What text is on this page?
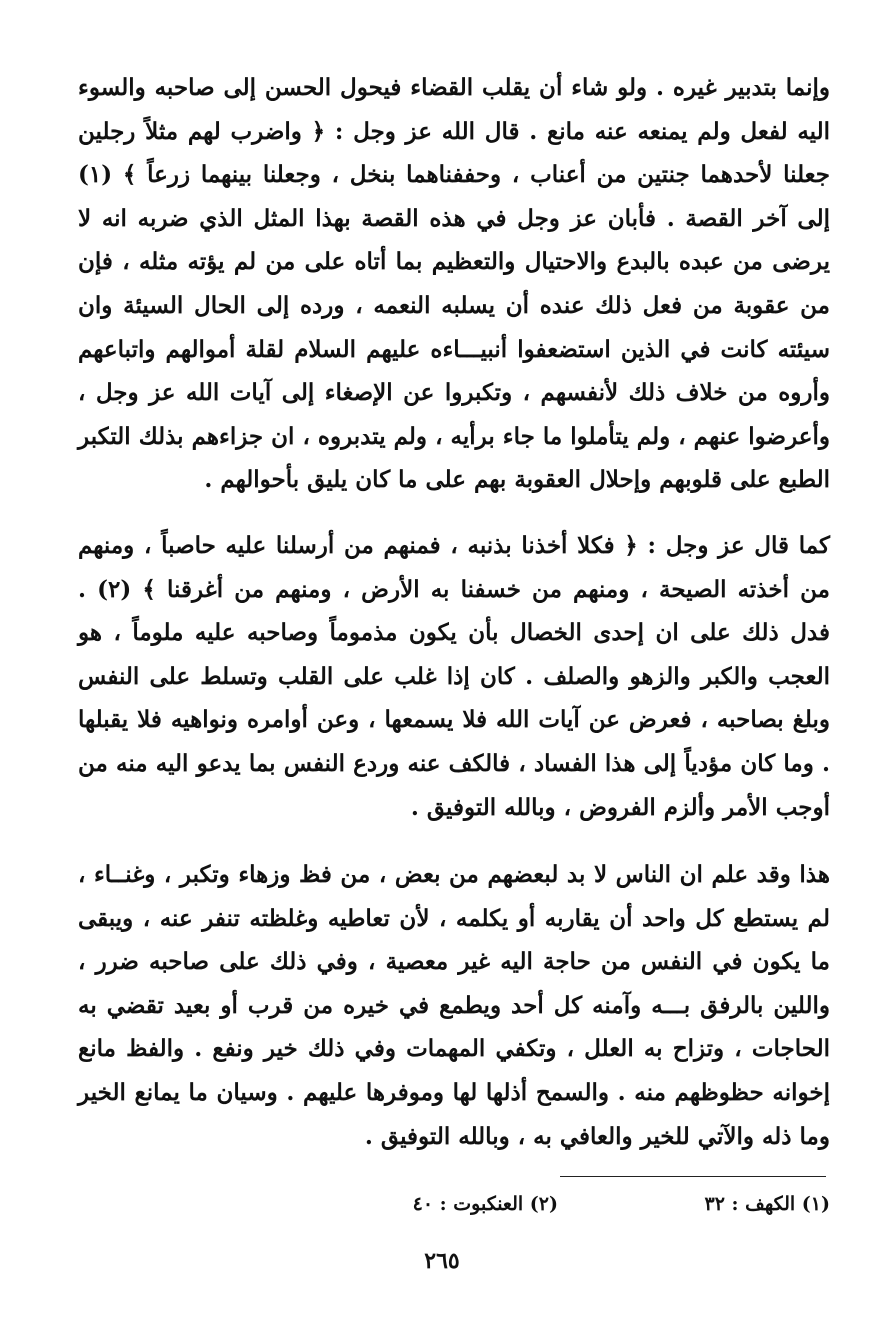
وإنما بتدبير غيره . ولو شاء أن يقلب القضاء فيحول الحسن إلى صاحبه والسوء اليه لفعل ولم يمنعه عنه مانع . قال الله عز وجل : ﴿ واضرب لهم مثلاً رجلين جعلنا لأحدهما جنتين من أعناب ، وحففناهما بنخل ، وجعلنا بينهما زرعاً ﴾ (١) إلى آخر القصة . فأبان عز وجل في هذه القصة بهذا المثل الذي ضربه انه لا يرضى من عبده بالبدع والاحتيال والتعظيم بما أتاه على من لم يؤته مثله ، فإن من عقوبة من فعل ذلك عنده أن يسلبه النعمه ، ورده إلى الحال السيئة وان سيئته كانت في الذين استضعفوا أنبيـــاءه عليهم السلام لقلة أموالهم واتباعهم وأروه من خلاف ذلك لأنفسهم ، وتكبروا عن الإصغاء إلى آيات الله عز وجل ، وأعرضوا عنهم ، ولم يتأملوا ما جاء برأيه ، ولم يتدبروه ، ان جزاءهم بذلك التكبر الطبع على قلوبهم وإحلال العقوبة بهم على ما كان يليق بأحوالهم .

كما قال عز وجل : ﴿ فكلا أخذنا بذنبه ، فمنهم من أرسلنا عليه حاصباً ، ومنهم من أخذته الصيحة ، ومنهم من خسفنا به الأرض ، ومنهم من أغرقنا ﴾ (٢) . فدل ذلك على ان إحدى الخصال بأن يكون مذموماً وصاحبه عليه ملوماً ، هو العجب والكبر والزهو والصلف . كان إذا غلب على القلب وتسلط على النفس وبلغ بصاحبه ، فعرض عن آيات الله فلا يسمعها ، وعن أوامره ونواهيه فلا يقبلها . وما كان مؤدياً إلى هذا الفساد ، فالكف عنه وردع النفس بما يدعو اليه منه من أوجب الأمر وألزم الفروض ، وبالله التوفيق .

هذا وقد علم ان الناس لا بد لبعضهم من بعض ، من فظ وزهاء وتكبر ، وغنــاء ، لم يستطع كل واحد أن يقاربه أو يكلمه ، لأن تعاطيه وغلظته تنفر عنه ، ويبقى ما يكون في النفس من حاجة اليه غير معصية ، وفي ذلك على صاحبه ضرر ، واللين بالرفق بـــه وآمنه كل أحد ويطمع في خيره من قرب أو بعيد تقضي به الحاجات ، وتزاح به العلل ، وتكفي المهمات وفي ذلك خير ونفع . والفظ مانع إخوانه حظوظهم منه . والسمح أذلها لها وموفرها عليهم . وسيان ما يمانع الخير وما ذله والآتي للخير والعافي به ، وبالله التوفيق .

(١) الكهف : ٣٢
(٢) العنكبوت : ٤٠
٢٦٥
